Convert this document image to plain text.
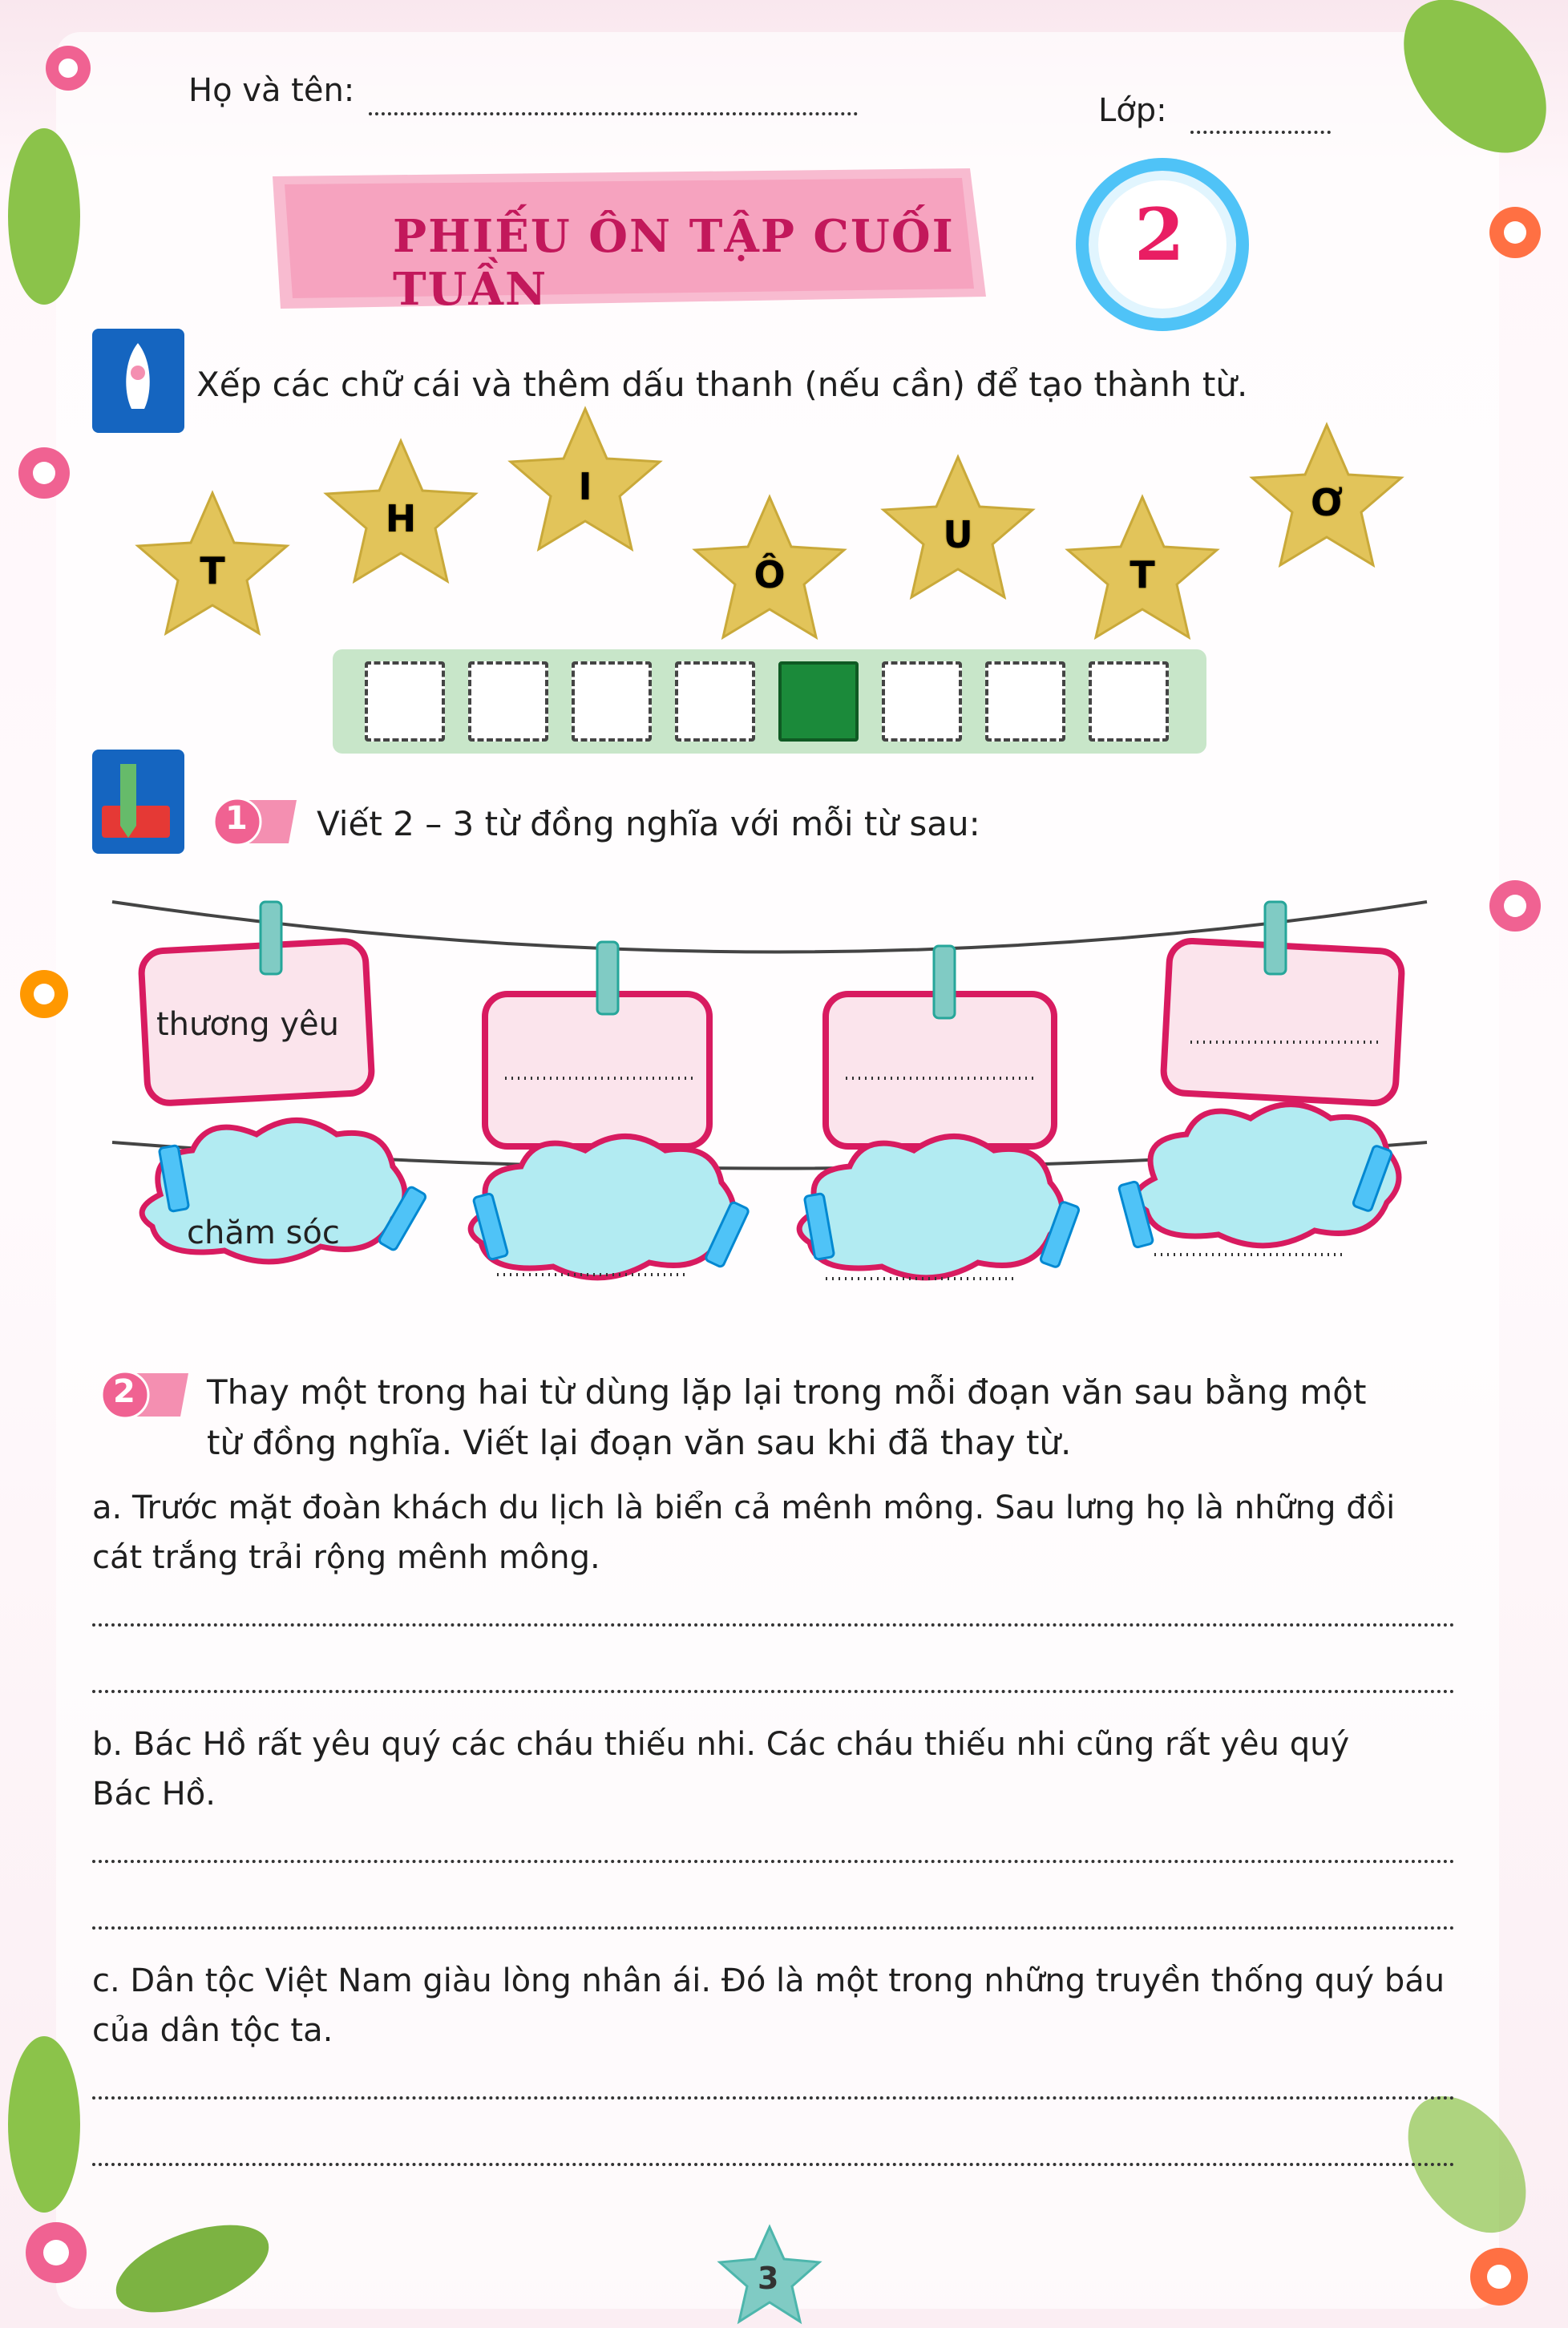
Họ và tên:
Lớp:
PHIẾU ÔN TẬP CUỐI TUẦN
2
Xếp các chữ cái và thêm dấu thanh (nếu cần) để tạo thành từ.
T
H
I
Ô
U
T
Ơ
1 Viết 2 – 3 từ đồng nghĩa với mỗi từ sau:
thương yêu
chăm sóc
2 Thay một trong hai từ dùng lặp lại trong mỗi đoạn văn sau bằng một
từ đồng nghĩa. Viết lại đoạn văn sau khi đã thay từ.
a. Trước mặt đoàn khách du lịch là biển cả mênh mông. Sau lưng họ là những đồi
cát trắng trải rộng mênh mông.
b. Bác Hồ rất yêu quý các cháu thiếu nhi. Các cháu thiếu nhi cũng rất yêu quý
Bác Hồ.
c. Dân tộc Việt Nam giàu lòng nhân ái. Đó là một trong những truyền thống quý báu
của dân tộc ta.
3
